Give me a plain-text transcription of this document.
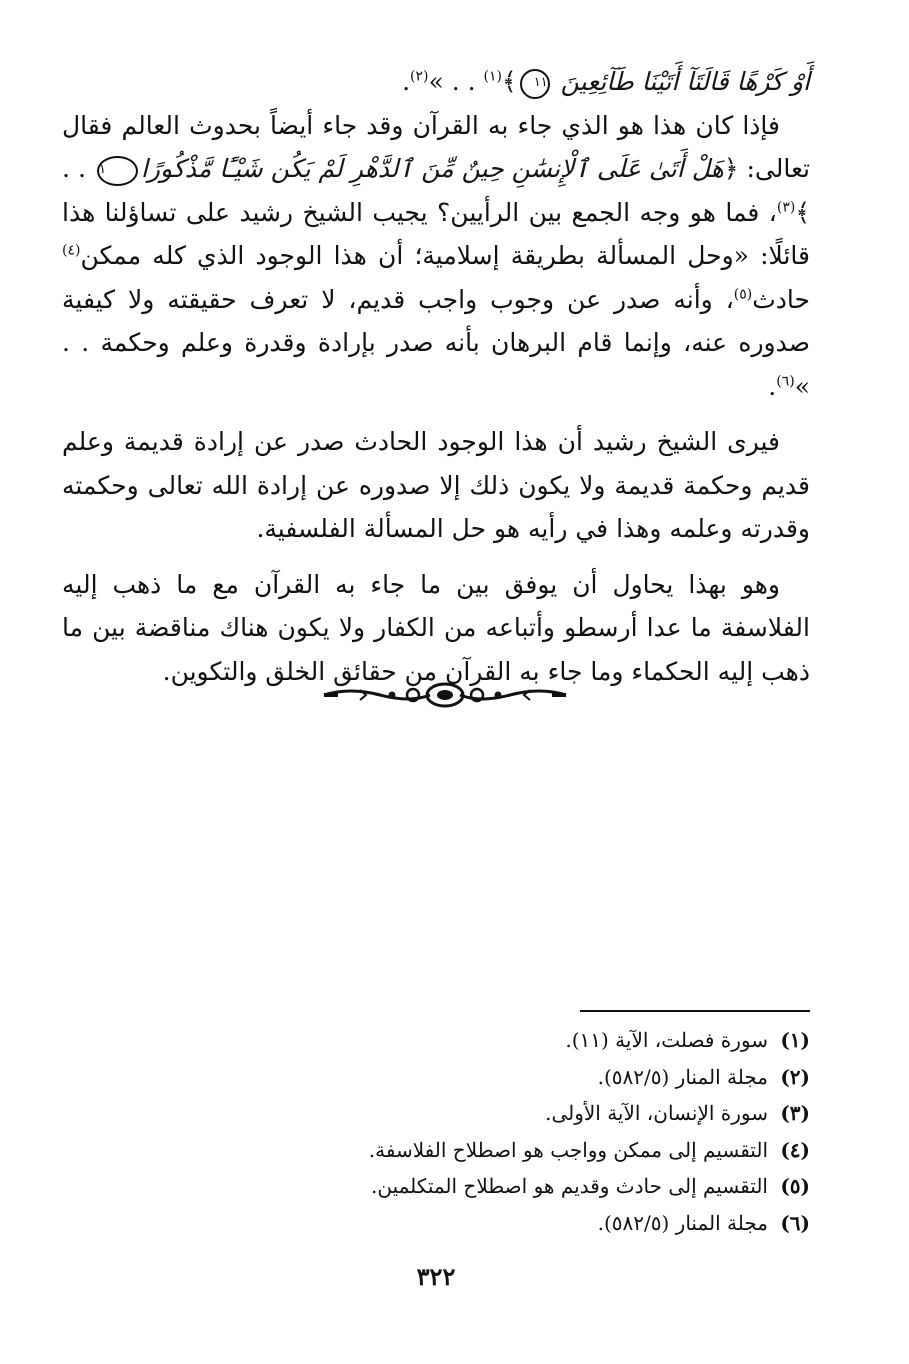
أَوْ كَرْهًا قَالَتَآ أَتَيْنَا طَآئِعِينَ ١١﴾$^{(١)}$ . . »$^{(٢)}$.

فإذا كان هذا هو الذي جاء به القرآن وقد جاء أيضاً بحدوث العالم فقال تعالى: ﴿هَلْ أَتَىٰ عَلَى ٱلْإِنسَٰنِ حِينٌ مِّنَ ٱلدَّهْرِ لَمْ يَكُن شَيْـًٔا مَّذْكُورًا١ . . ﴾$^{(٣)}$، فما هو وجه الجمع بين الرأيين؟ يجيب الشيخ رشيد على تساؤلنا هذا قائلًا: «وحل المسألة بطريقة إسلامية؛ أن هذا الوجود الذي كله ممكن$^{(٤)}$ حادث$^{(٥)}$، وأنه صدر عن وجوب واجب قديم، لا تعرف حقيقته ولا كيفية صدوره عنه، وإنما قام البرهان بأنه صدر بإرادة وقدرة وعلم وحكمة . . »$^{(٦)}$.

فيرى الشيخ رشيد أن هذا الوجود الحادث صدر عن إرادة قديمة وعلم قديم وحكمة قديمة ولا يكون ذلك إلا صدوره عن إرادة الله تعالى وحكمته وقدرته وعلمه وهذا في رأيه هو حل المسألة الفلسفية.

وهو بهذا يحاول أن يوفق بين ما جاء به القرآن مع ما ذهب إليه الفلاسفة ما عدا أرسطو وأتباعه من الكفار ولا يكون هناك مناقضة بين ما ذهب إليه الحكماء وما جاء به القرآن من حقائق الخلق والتكوين.

(١)
سورة فصلت، الآية (١١).
(٢)
مجلة المنار (٥٨٢/٥).
(٣)
سورة الإنسان، الآية الأولى.
(٤)
التقسيم إلى ممكن وواجب هو اصطلاح الفلاسفة.
(٥)
التقسيم إلى حادث وقديم هو اصطلاح المتكلمين.
(٦)
مجلة المنار (٥٨٢/٥).
٣٢٢
